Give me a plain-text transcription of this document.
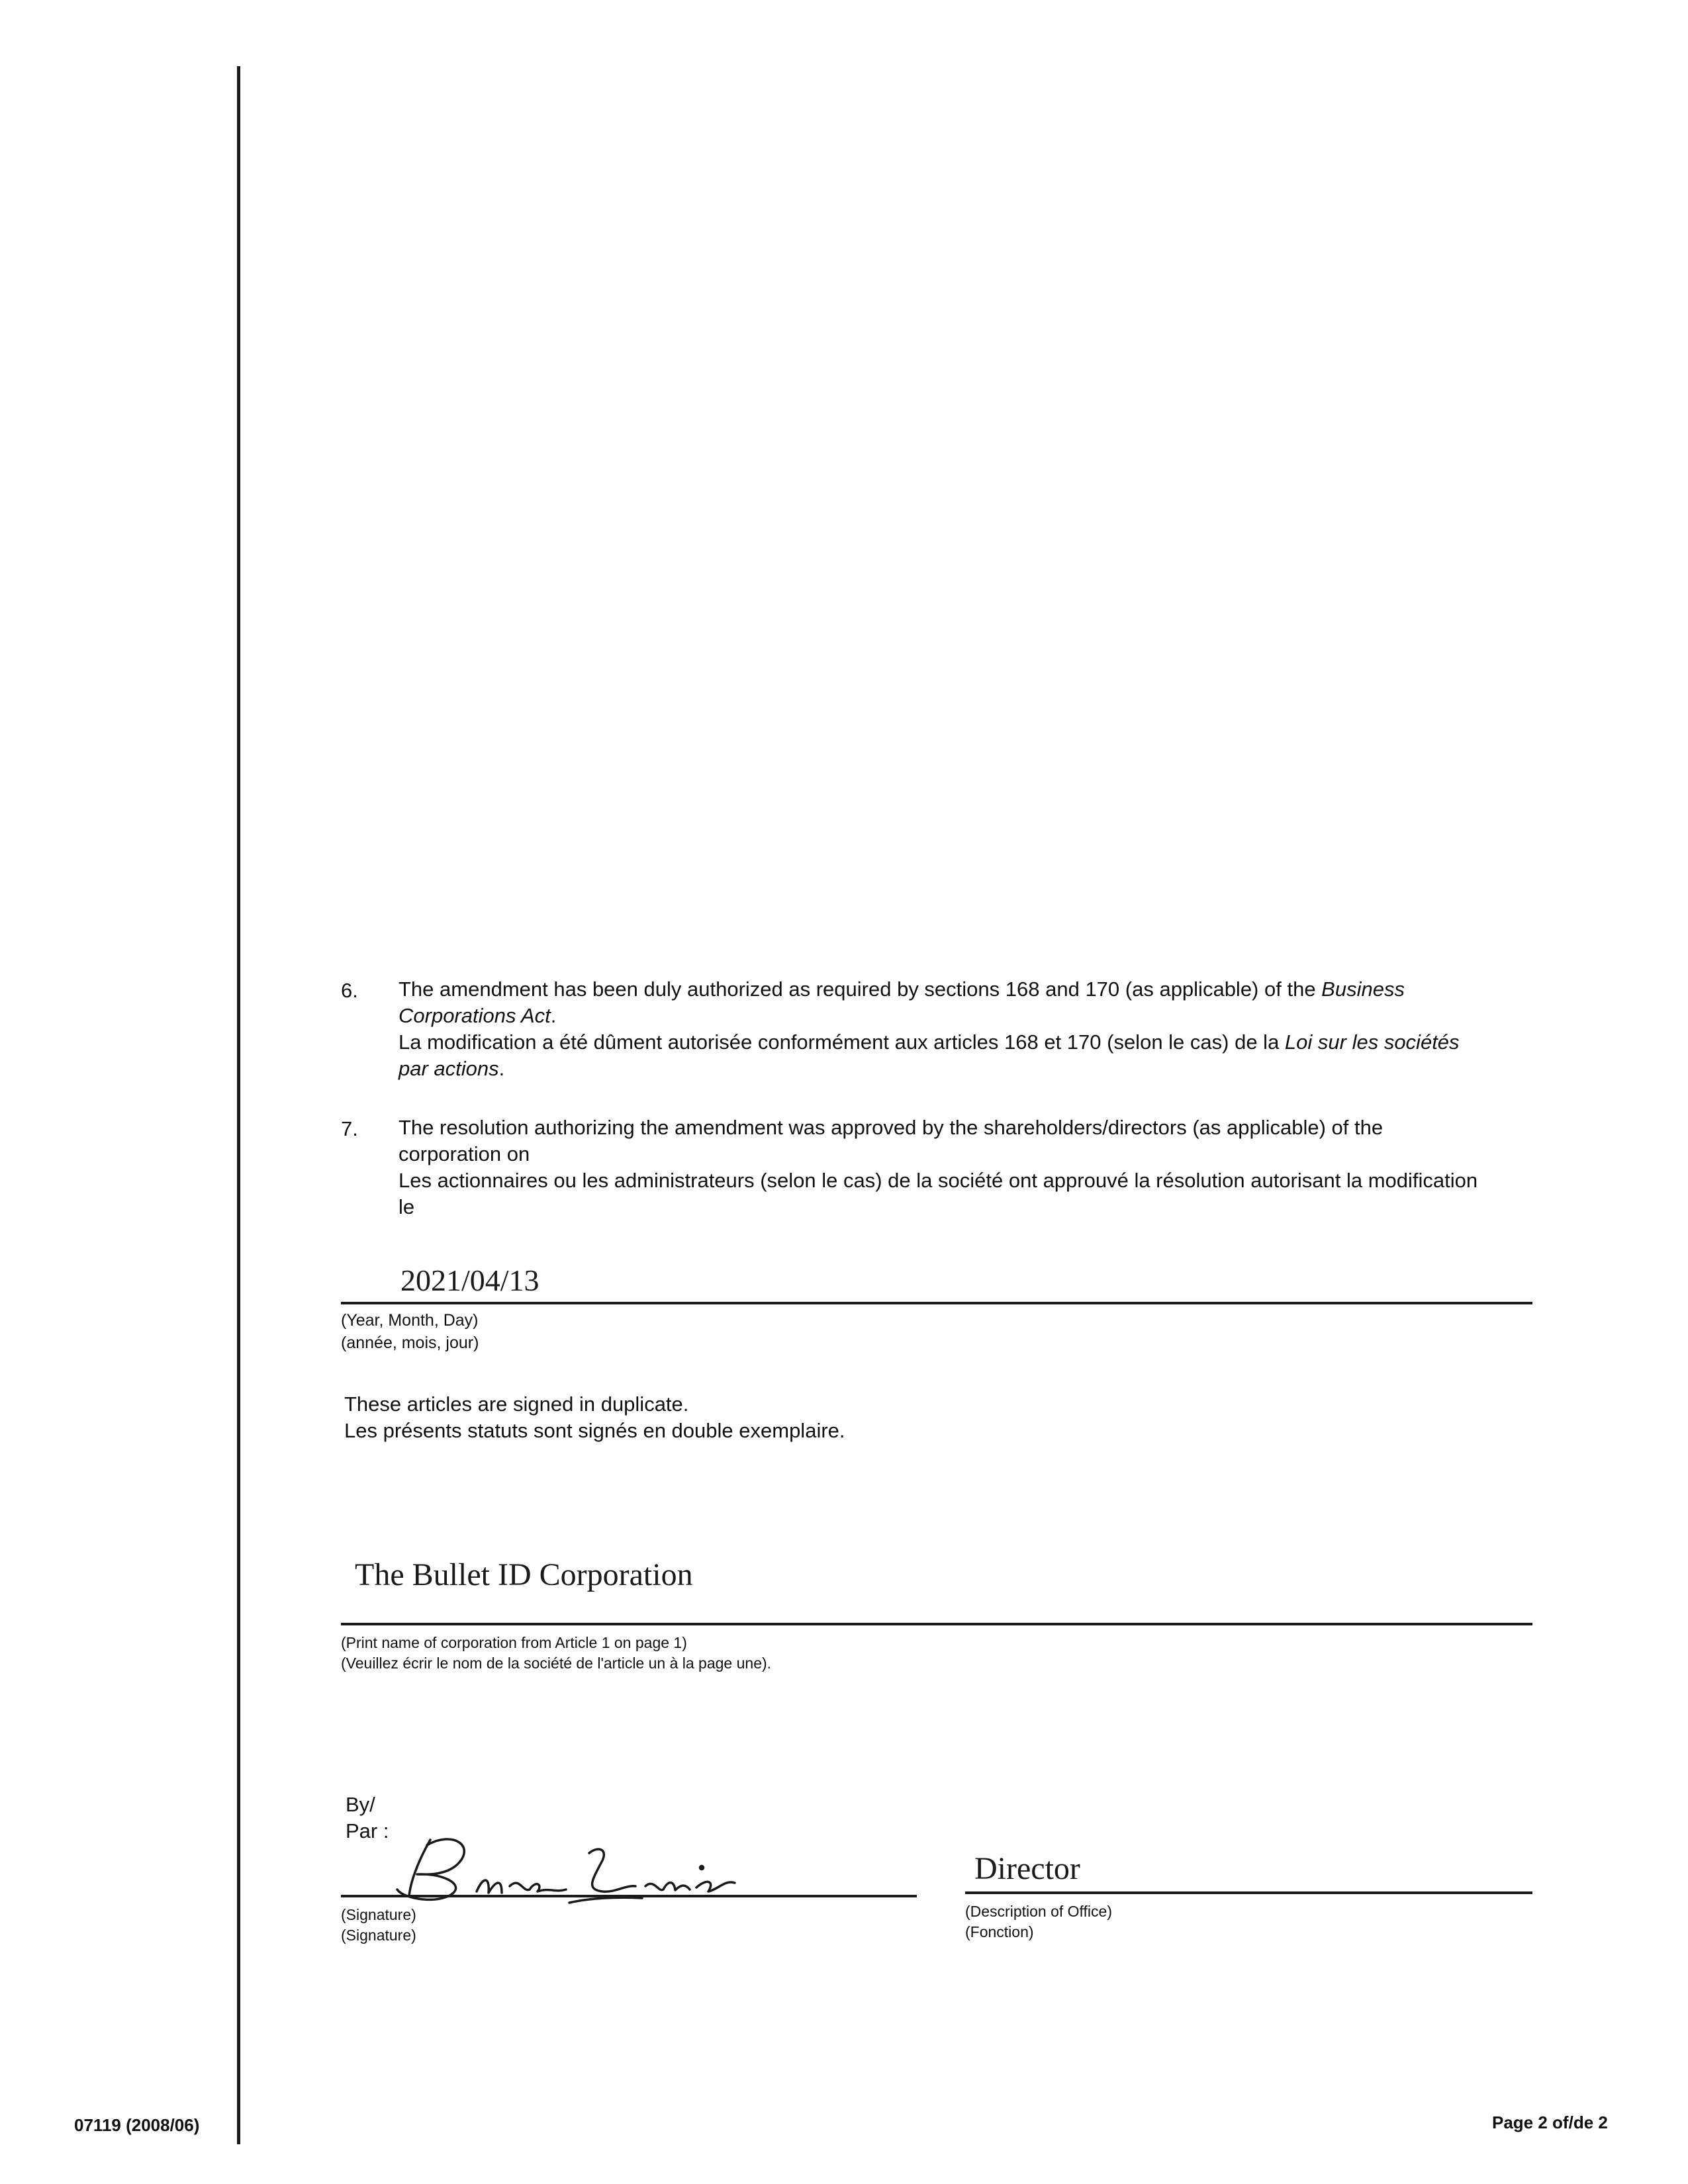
6. The amendment has been duly authorized as required by sections 168 and 170 (as applicable) of the Business Corporations Act.

La modification a été dûment autorisée conformément aux articles 168 et 170 (selon le cas) de la Loi sur les sociétés par actions.

7. The resolution authorizing the amendment was approved by the shareholders/directors (as applicable) of the corporation on

Les actionnaires ou les administrateurs (selon le cas) de la société ont approuvé la résolution autorisant la modification le

2021/04/13

(Year, Month, Day)

(année, mois, jour)

These articles are signed in duplicate.

Les présents statuts sont signés en double exemplaire.

The Bullet ID Corporation

(Print name of corporation from Article 1 on page 1)

(Veuillez écrir le nom de la société de l'article un à la page une).

By/

Par :

(Signature)

(Signature)

Director

(Description of Office)

(Fonction)

07119 (2008/06)	Page 2 of/de 2
